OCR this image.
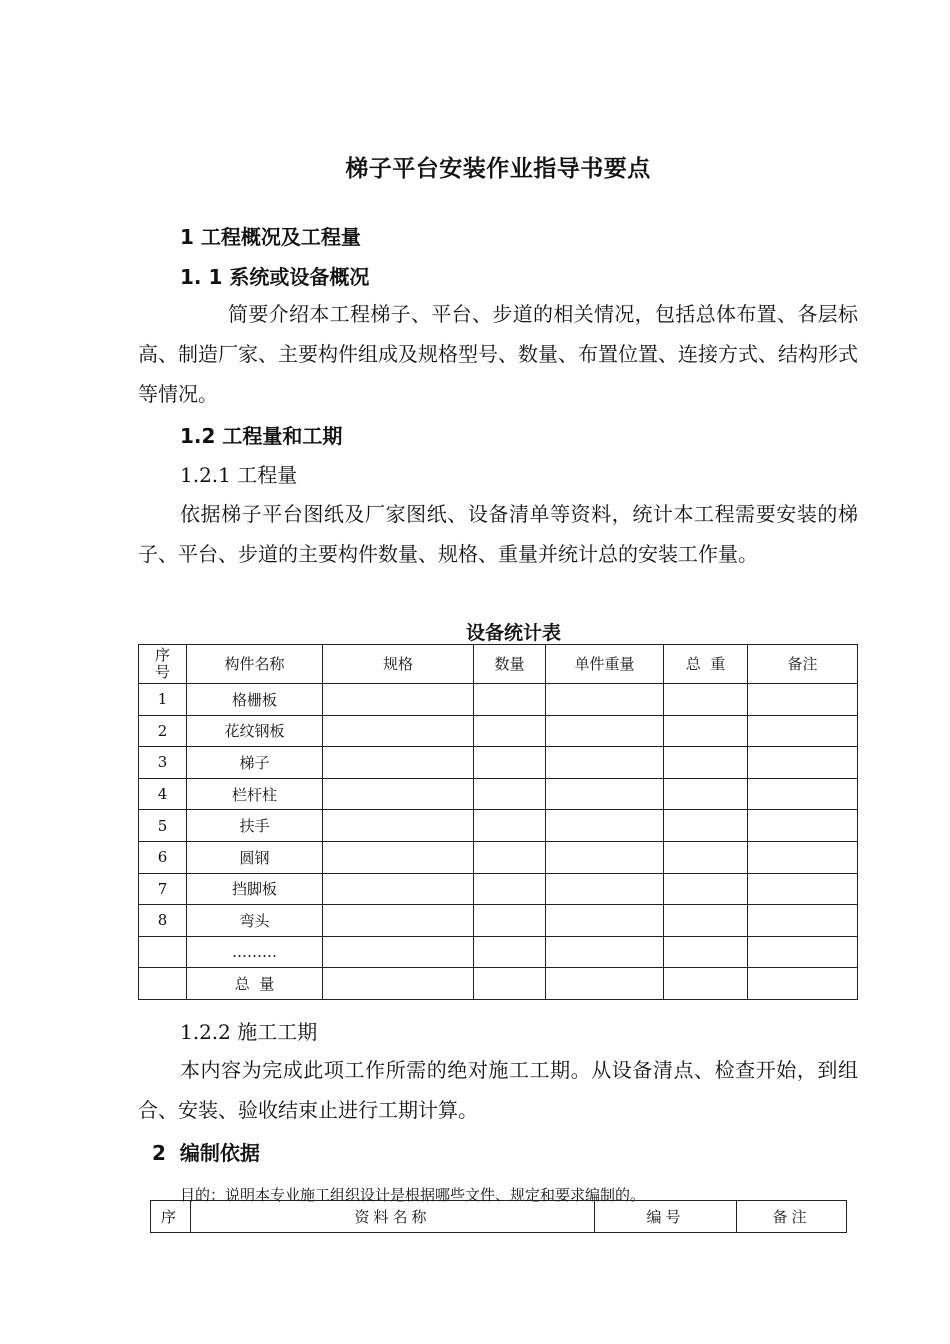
梯子平台安装作业指导书要点
1 工程概况及工程量
1. 1 系统或设备概况
简要介绍本工程梯子、平台、步道的相关情况，包括总体布置、各层标高、制造厂家、主要构件组成及规格型号、数量、布置位置、连接方式、结构形式等情况。
1.2 工程量和工期
1.2.1 工程量
依据梯子平台图纸及厂家图纸、设备清单等资料，统计本工程需要安装的梯子、平台、步道的主要构件数量、规格、重量并统计总的安装工作量。
设备统计表
序号	构件名称	规格	数量	单件重量	总  重	备注
1	格栅板					
2	花纹钢板					
3	梯子					
4	栏杆柱					
5	扶手					
6	圆钢					
7	挡脚板					
8	弯头					
	………					
	总  量					
1.2.2 施工工期
本内容为完成此项工作所需的绝对施工工期。从设备清点、检查开始，到组合、安装、验收结束止进行工期计算。
2  编制依据
目的：说明本专业施工组织设计是根据哪些文件、规定和要求编制的。
序	资料名称	编号	备注
